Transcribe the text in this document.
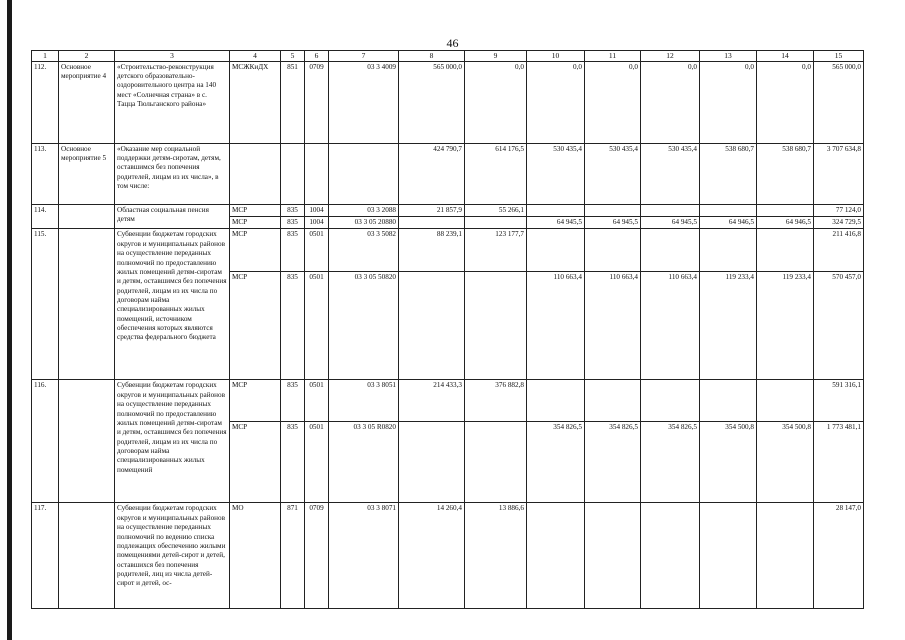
46
1	2	3	4	5	6	7	8	9	10	11	12	13	14	15
112.	Основное мероприятие 4	«Строительство-реконструкция детского образовательно-оздоровительного центра на 140 мест «Солнечная страна» в с. Тацца Тюльганского района»	МСЖКиДХ	851	0709	03 3 4009	565 000,0	0,0	0,0	0,0	0,0	0,0	0,0	565 000,0
113.	Основное мероприятие 5	«Оказание мер социальной поддержки детям-сиротам, детям, оставшимся без попечения родителей, лицам из их числа», в том числе:					424 790,7	614 176,5	530 435,4	530 435,4	530 435,4	538 680,7	538 680,7	3 707 634,8
114.		Областная социальная пенсия детям	МСР	835	1004	03 3 2088	21 857,9	55 266,1						77 124,0
			МСР	835	1004	03 3 05 20880			64 945,5	64 945,5	64 945,5	64 946,5	64 946,5	324 729,5
115.		Субвенции бюджетам городских округов и муниципальных районов на осуществление переданных полномочий по предоставлению жилых помещений детям-сиротам и детям, оставшимся без попечения родителей, лицам из их числа по договорам найма специализированных жилых помещений, источником обеспечения которых являются средства федерального бюджета	МСР	835	0501	03 3 5082	88 239,1	123 177,7						211 416,8
			МСР	835	0501	03 3 05 50820			110 663,4	110 663,4	110 663,4	119 233,4	119 233,4	570 457,0
116.		Субвенции бюджетам городских округов и муниципальных районов на осуществление переданных полномочий по предоставлению жилых помещений детям-сиротам и детям, оставшимся без попечения родителей, лицам из их числа по договорам найма специализированных жилых помещений	МСР	835	0501	03 3 8051	214 433,3	376 882,8						591 316,1
			МСР	835	0501	03 3 05 R0820			354 826,5	354 826,5	354 826,5	354 500,8	354 500,8	1 773 481,1
117.		Субвенции бюджетам городских округов и муниципальных районов на осуществление переданных полномочий по ведению списка подлежащих обеспечению жилыми помещениями детей-сирот и детей, оставшихся без попечения родителей, лиц из числа детей-сирот и детей, ос-	МО	871	0709	03 3 8071	14 260,4	13 886,6						28 147,0
